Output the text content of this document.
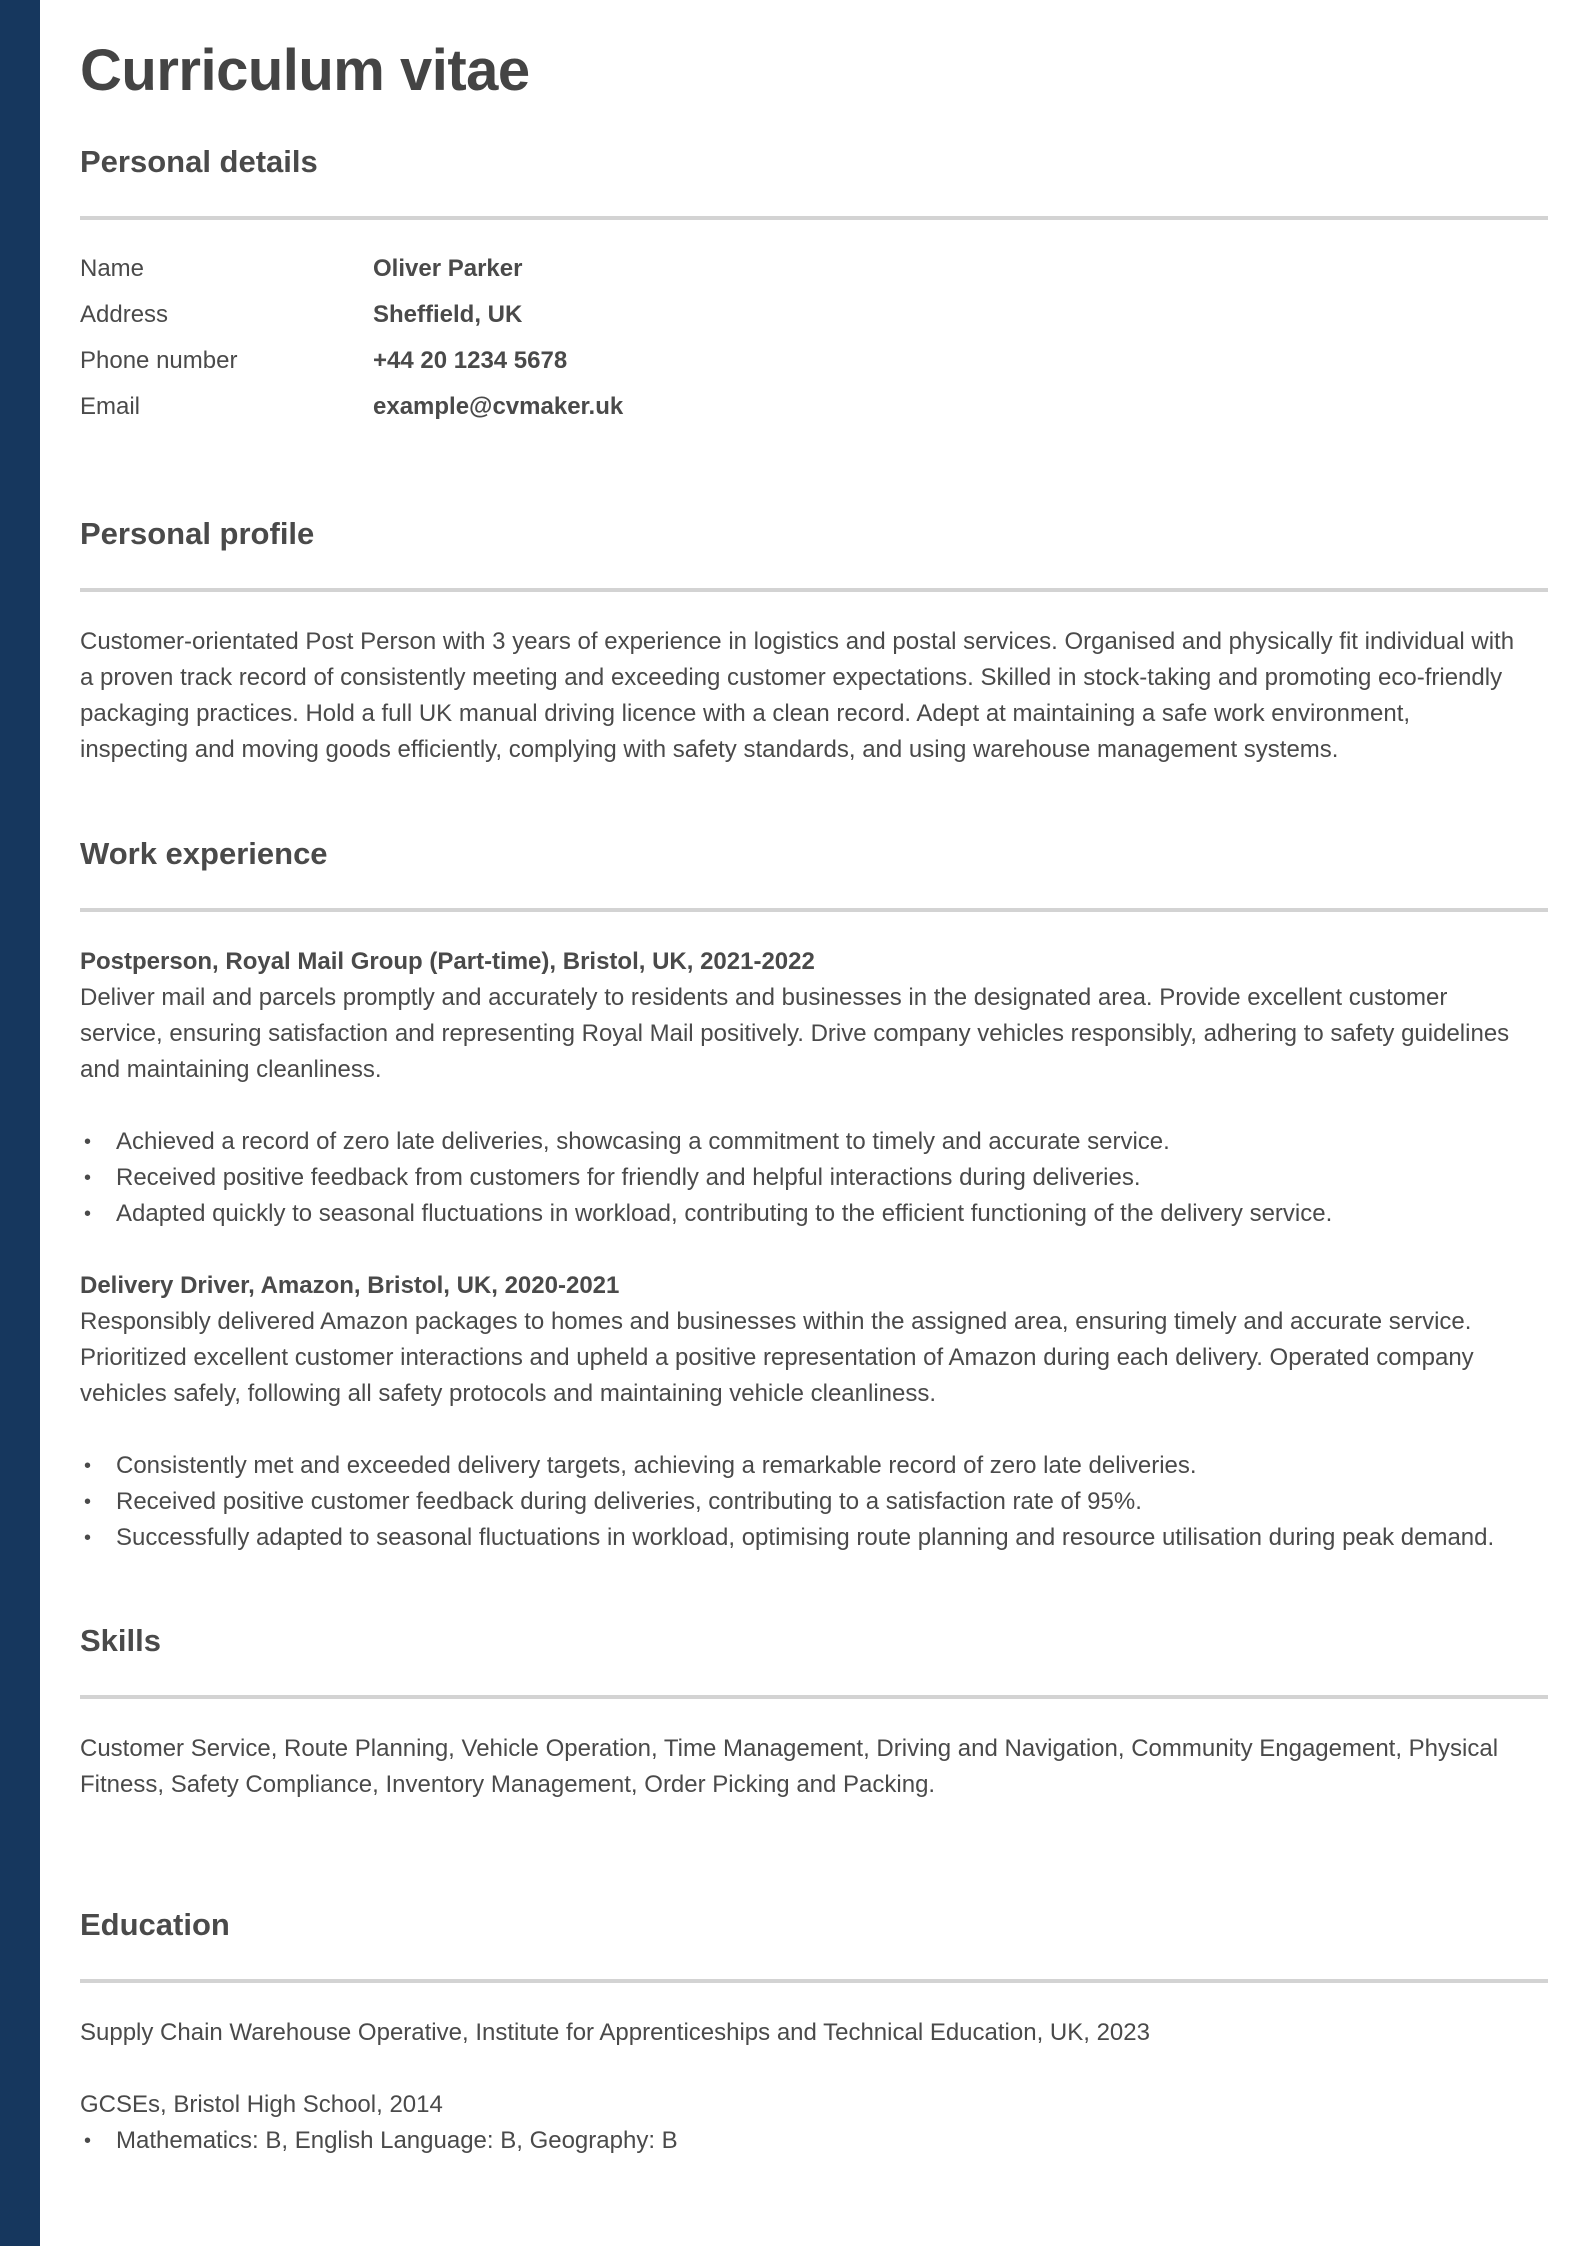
Curriculum vitae
Personal details
Name	Oliver Parker
Address	Sheffield, UK
Phone number	+44 20 1234 5678
Email	example@cvmaker.uk
Personal profile
Customer-orientated Post Person with 3 years of experience in logistics and postal services. Organised and physically fit individual with
a proven track record of consistently meeting and exceeding customer expectations. Skilled in stock-taking and promoting eco-friendly
packaging practices. Hold a full UK manual driving licence with a clean record. Adept at maintaining a safe work environment,
inspecting and moving goods efficiently, complying with safety standards, and using warehouse management systems.
Work experience
Postperson, Royal Mail Group (Part-time), Bristol, UK, 2021-2022
Deliver mail and parcels promptly and accurately to residents and businesses in the designated area. Provide excellent customer
service, ensuring satisfaction and representing Royal Mail positively. Drive company vehicles responsibly, adhering to safety guidelines
and maintaining cleanliness.
• Achieved a record of zero late deliveries, showcasing a commitment to timely and accurate service.
• Received positive feedback from customers for friendly and helpful interactions during deliveries.
• Adapted quickly to seasonal fluctuations in workload, contributing to the efficient functioning of the delivery service.
Delivery Driver, Amazon, Bristol, UK, 2020-2021
Responsibly delivered Amazon packages to homes and businesses within the assigned area, ensuring timely and accurate service.
Prioritized excellent customer interactions and upheld a positive representation of Amazon during each delivery. Operated company
vehicles safely, following all safety protocols and maintaining vehicle cleanliness.
• Consistently met and exceeded delivery targets, achieving a remarkable record of zero late deliveries.
• Received positive customer feedback during deliveries, contributing to a satisfaction rate of 95%.
• Successfully adapted to seasonal fluctuations in workload, optimising route planning and resource utilisation during peak demand.
Skills
Customer Service, Route Planning, Vehicle Operation, Time Management, Driving and Navigation, Community Engagement, Physical
Fitness, Safety Compliance, Inventory Management, Order Picking and Packing.
Education
Supply Chain Warehouse Operative, Institute for Apprenticeships and Technical Education, UK, 2023
GCSEs, Bristol High School, 2014
• Mathematics: B, English Language: B, Geography: B
